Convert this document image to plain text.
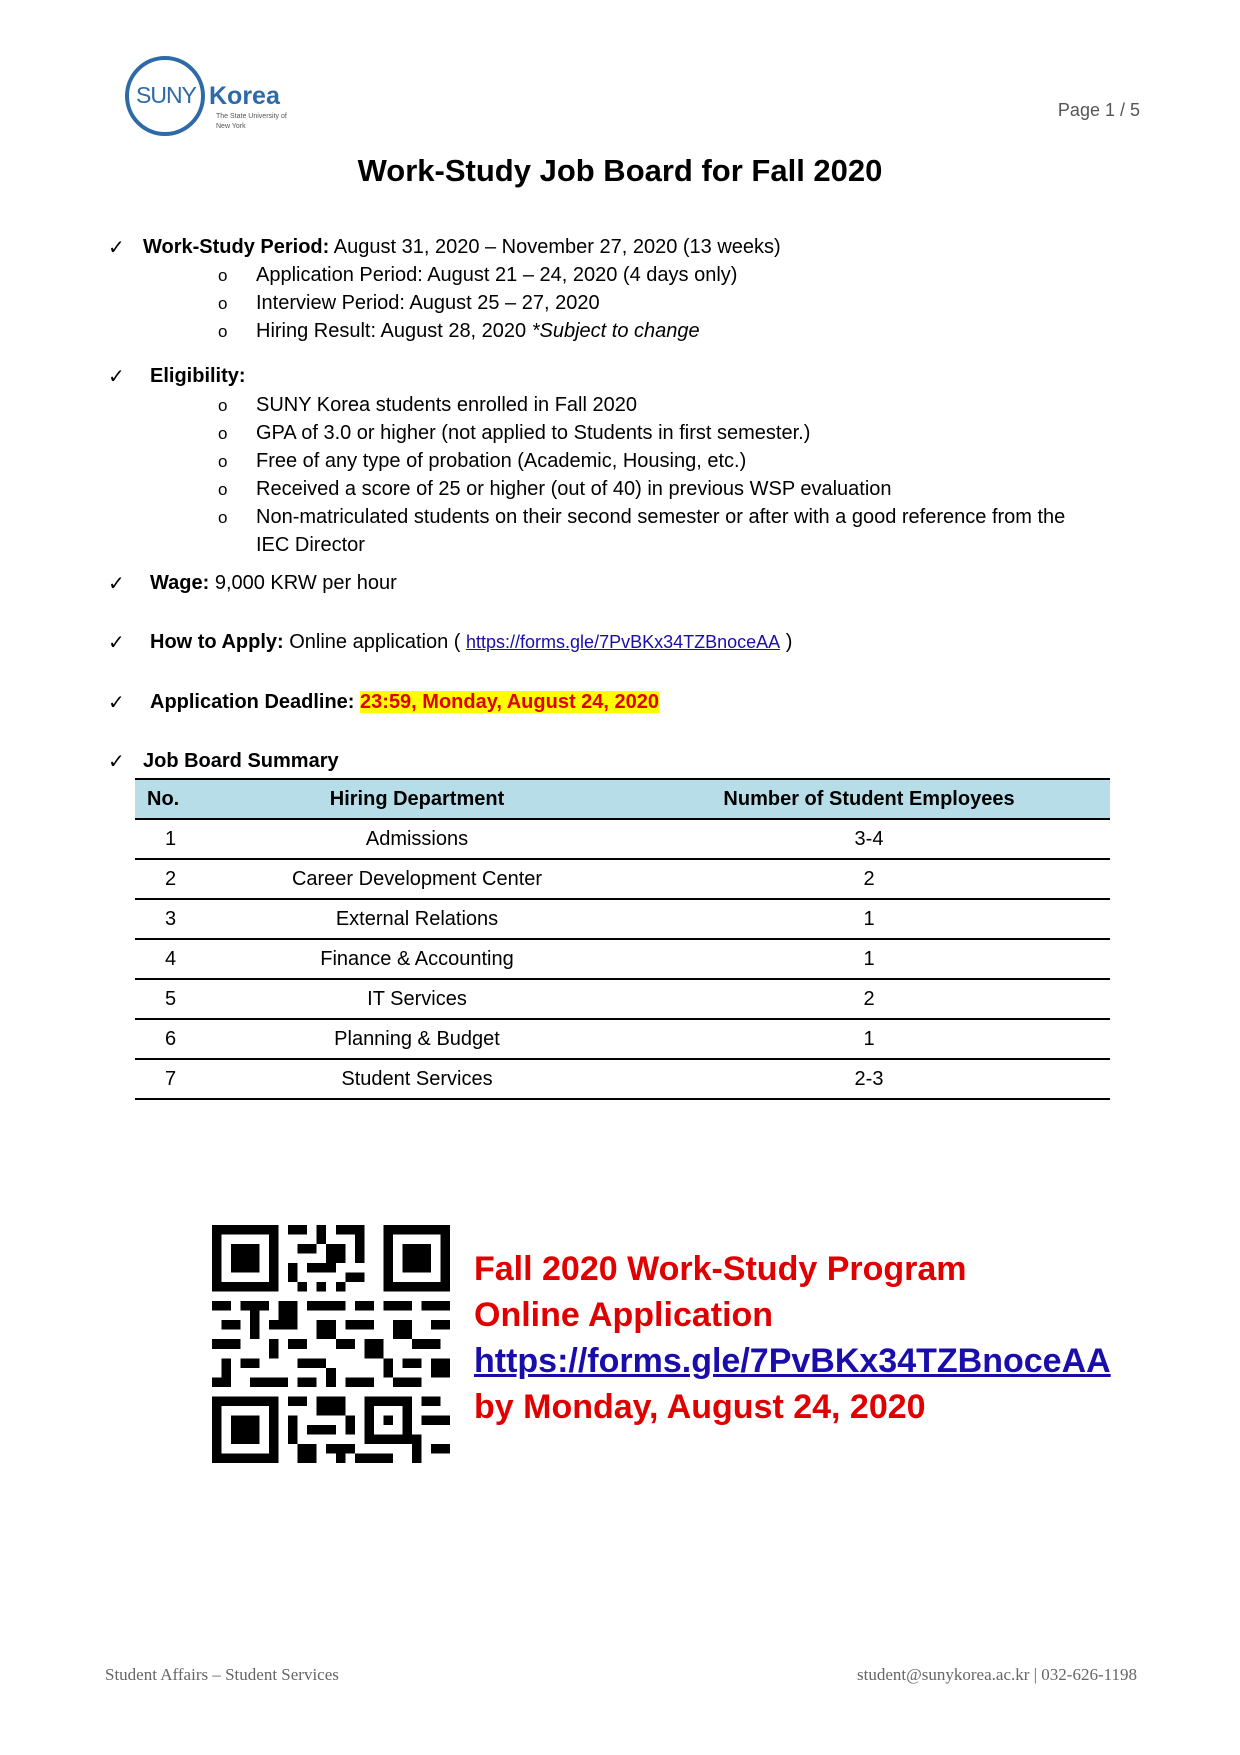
SUNY Korea
The State University of
New York
Page 1 / 5
Work-Study Job Board for Fall 2020
✓ Work-Study Period: August 31, 2020 – November 27, 2020 (13 weeks)
o Application Period: August 21 – 24, 2020 (4 days only)
o Interview Period: August 25 – 27, 2020
o Hiring Result: August 28, 2020 *Subject to change
✓ Eligibility:
o SUNY Korea students enrolled in Fall 2020
o GPA of 3.0 or higher (not applied to Students in first semester.)
o Free of any type of probation (Academic, Housing, etc.)
o Received a score of 25 or higher (out of 40) in previous WSP evaluation
o Non-matriculated students on their second semester or after with a good reference from the
IEC Director
✓ Wage: 9,000 KRW per hour
✓ How to Apply: Online application ( https://forms.gle/7PvBKx34TZBnoceAA )
✓ Application Deadline: 23:59, Monday, August 24, 2020
✓ Job Board Summary
No.	Hiring Department	Number of Student Employees
1	Admissions	3-4
2	Career Development Center	2
3	External Relations	1
4	Finance & Accounting	1
5	IT Services	2
6	Planning & Budget	1
7	Student Services	2-3
Fall 2020 Work-Study Program
Online Application
https://forms.gle/7PvBKx34TZBnoceAA
by Monday, August 24, 2020
Student Affairs – Student Services	student@sunykorea.ac.kr | 032-626-1198
